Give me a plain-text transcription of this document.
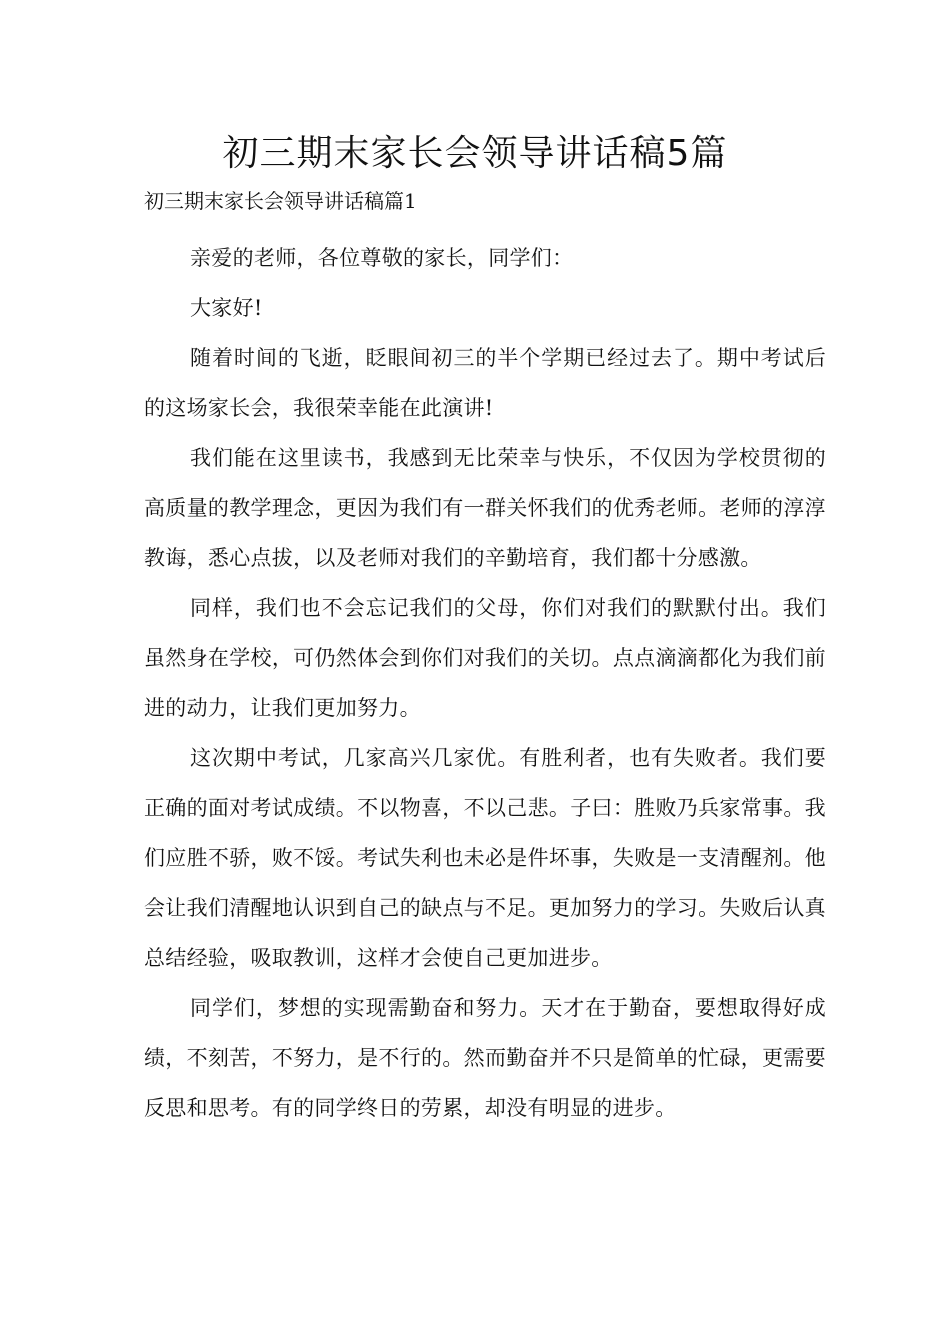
初三期末家长会领导讲话稿5篇
初三期末家长会领导讲话稿篇1

亲爱的老师，各位尊敬的家长，同学们：

大家好!

随着时间的飞逝，眨眼间初三的半个学期已经过去了。期中考试后的这场家长会，我很荣幸能在此演讲!

我们能在这里读书，我感到无比荣幸与快乐，不仅因为学校贯彻的高质量的教学理念，更因为我们有一群关怀我们的优秀老师。老师的淳淳教诲，悉心点拔，以及老师对我们的辛勤培育，我们都十分感激。

同样，我们也不会忘记我们的父母，你们对我们的默默付出。我们虽然身在学校，可仍然体会到你们对我们的关切。点点滴滴都化为我们前进的动力，让我们更加努力。

这次期中考试，几家高兴几家优。有胜利者，也有失败者。我们要正确的面对考试成绩。不以物喜，不以己悲。子曰：胜败乃兵家常事。我们应胜不骄，败不馁。考试失利也未必是件坏事，失败是一支清醒剂。他会让我们清醒地认识到自己的缺点与不足。更加努力的学习。失败后认真总结经验，吸取教训，这样才会使自己更加进步。

同学们，梦想的实现需勤奋和努力。天才在于勤奋，要想取得好成绩，不刻苦，不努力，是不行的。然而勤奋并不只是简单的忙碌，更需要反思和思考。有的同学终日的劳累，却没有明显的进步。
